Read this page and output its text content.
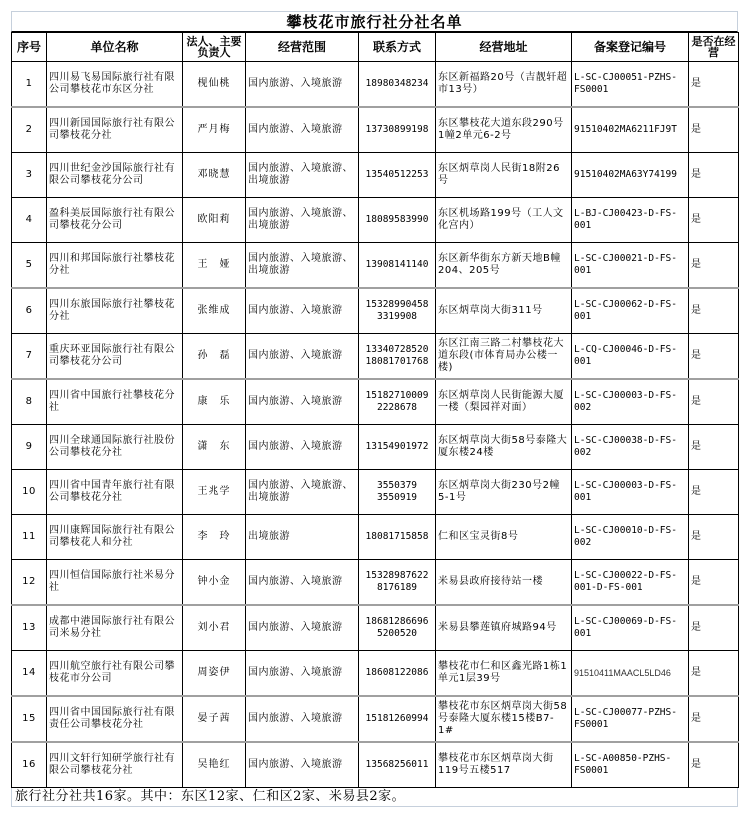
攀枝花市旅行社分社名单
序号	单位名称	法人、主要负责人	经营范围	联系方式	经营地址	备案登记编号	是否在经营
1	四川易飞易国际旅行社有限公司攀枝花市东区分社	枧仙桃	国内旅游、入境旅游	18980348234	东区新福路20号（吉靓轩超市13号）	L-SC-CJ00051-PZHS-
FS0001	是
2	四川新国国际旅行社有限公司攀枝花分社	严月梅	国内旅游、入境旅游	13730899198	东区攀枝花大道东段290号1幢2单元6-2号	91510402MA6211FJ9T	是
3	四川世纪金沙国际旅行社有限公司攀枝花分公司	邓晓慧	国内旅游、入境旅游、出境旅游	13540512253	东区炳草岗人民街18附26号	91510402MA63Y74199	是
4	盈科美辰国际旅行社有限公司攀枝花分公司	欧阳莉	国内旅游、入境旅游、出境旅游	18089583990	东区机场路199号（工人文化宫内）	L-BJ-CJ00423-D-FS-
001	是
5	四川和邦国际旅行社攀枝花分社	王　娅	国内旅游、入境旅游、出境旅游	13908141140	东区新华街东方新天地B幢204、205号	L-SC-CJ00021-D-FS-
001	是
6	四川东旅国际旅行社攀枝花分社	张维成	国内旅游、入境旅游	15328990458
3319908	东区炳草岗大街311号	L-SC-CJ00062-D-FS-
001	是
7	重庆环亚国际旅行社有限公司攀枝花分公司	孙　磊	国内旅游、入境旅游	13340728520
18081701768	东区江南三路二村攀枝花大道东段(市体育局办公楼一楼)	L-CQ-CJ00046-D-FS-
001	是
8	四川省中国旅行社攀枝花分社	康　乐	国内旅游、入境旅游	15182710009
2228678	东区炳草岗人民街能源大厦一楼（梨园祥对面）	L-SC-CJ00003-D-FS-
002	是
9	四川全球通国际旅行社股份公司攀枝花分社	潇　东	国内旅游、入境旅游	13154901972	东区炳草岗大街58号泰隆大厦东楼24楼	L-SC-CJ00038-D-FS-
002	是
10	四川省中国青年旅行社有限公司攀枝花分社	王兆学	国内旅游、入境旅游、出境旅游	3550379
3550919	东区炳草岗大街230号2幢5-1号	L-SC-CJ00003-D-FS-
001	是
11	四川康辉国际旅行社有限公司攀枝花人和分社	李　玲	出境旅游	18081715858	仁和区宝灵街8号	L-SC-CJ00010-D-FS-
002	是
12	四川恒信国际旅行社米易分社	钟小金	国内旅游、入境旅游	15328987622
8176189	米易县政府接待站一楼	L-SC-CJ00022-D-FS-
001-D-FS-001	是
13	成都中港国际旅行社有限公司米易分社	刘小君	国内旅游、入境旅游	18681286696
5200520	米易县攀莲镇府城路94号	L-SC-CJ00069-D-FS-
001	是
14	四川航空旅行社有限公司攀枝花市分公司	周姿伊	国内旅游、入境旅游	18608122086	攀枝花市仁和区鑫光路1栋1单元1层39号	91510411MAACL5LD46	是
15	四川省中国国际旅行社有限责任公司攀枝花分社	晏子茜	国内旅游、入境旅游	15181260994	攀枝花市东区炳草岗大街58号泰隆大厦东楼15楼B7-1#	L-SC-CJ00077-PZHS-
FS0001	是
16	四川文轩行知研学旅行社有限公司攀枝花分社	吴艳红	国内旅游、入境旅游	13568256011	攀枝花市东区炳草岗大街119号五楼517	L-SC-A00850-PZHS-
FS0001	是
旅行社分社共16家。其中：东区12家、仁和区2家、米易县2家。
